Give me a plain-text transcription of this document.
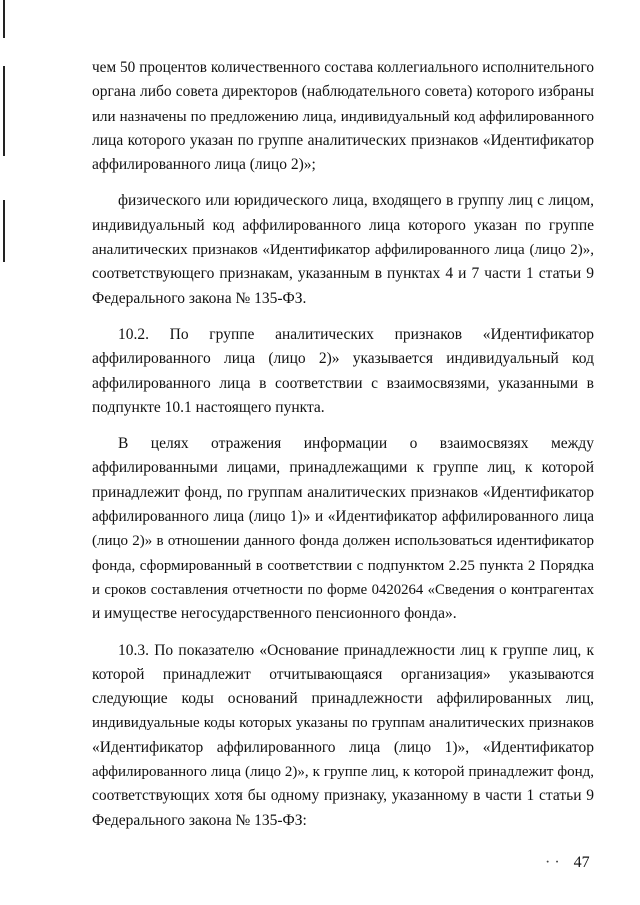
чем 50 процентов количественного состава коллегиального исполнительного
органа либо совета директоров (наблюдательного совета) которого избраны
или назначены по предложению лица, индивидуальный код аффилированного
лица которого указан по группе аналитических признаков «Идентификатор
аффилированного лица (лицо 2)»;

физического или юридического лица, входящего в группу лиц с лицом,
индивидуальный код аффилированного лица которого указан по группе
аналитических признаков «Идентификатор аффилированного лица (лицо 2)»,
соответствующего признакам, указанным в пунктах 4 и 7 части 1 статьи 9
Федерального закона № 135-ФЗ.

10.2. По группе аналитических признаков «Идентификатор
аффилированного лица (лицо 2)» указывается индивидуальный код
аффилированного лица в соответствии с взаимосвязями, указанными в
подпункте 10.1 настоящего пункта.

В целях отражения информации о взаимосвязях между
аффилированными лицами, принадлежащими к группе лиц, к которой
принадлежит фонд, по группам аналитических признаков «Идентификатор
аффилированного лица (лицо 1)» и «Идентификатор аффилированного лица
(лицо 2)» в отношении данного фонда должен использоваться идентификатор
фонда, сформированный в соответствии с подпунктом 2.25 пункта 2 Порядка
и сроков составления отчетности по форме 0420264 «Сведения о контрагентах
и имуществе негосударственного пенсионного фонда».

10.3. По показателю «Основание принадлежности лиц к группе лиц, к
которой принадлежит отчитывающаяся организация» указываются
следующие коды оснований принадлежности аффилированных лиц,
индивидуальные коды которых указаны по группам аналитических признаков
«Идентификатор аффилированного лица (лицо 1)», «Идентификатор
аффилированного лица (лицо 2)», к группе лиц, к которой принадлежит фонд,
соответствующих хотя бы одному признаку, указанному в части 1 статьи 9
Федерального закона № 135-ФЗ:

· · 47
